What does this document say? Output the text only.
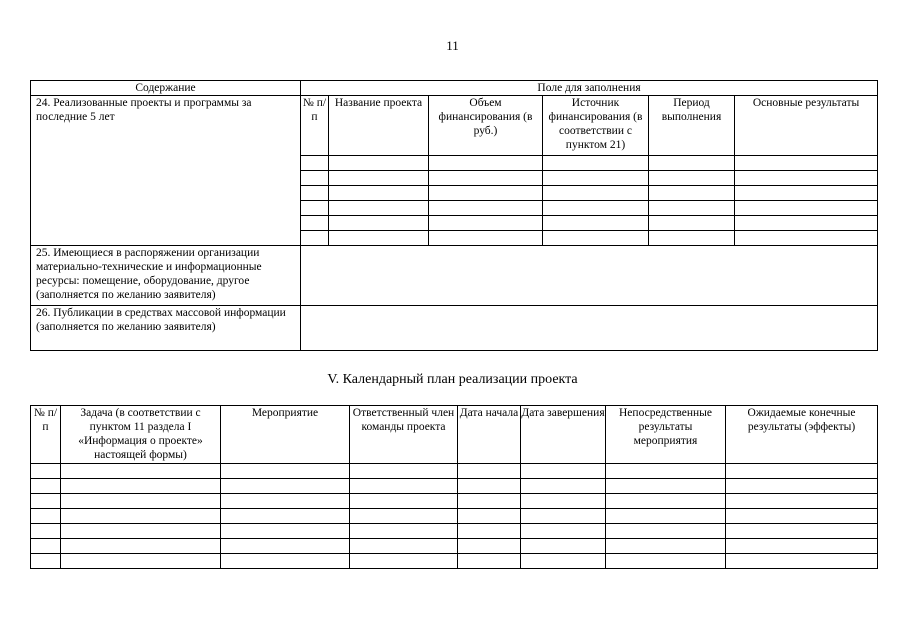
11
Содержание	Поле для заполнения					
24. Реализованные проекты и программы за последние 5 лет	№ п/п	Название проекта	Объем финансирования (в руб.)	Источник финансирования (в соответствии с пунктом 21)	Период выполнения	Основные результаты

25. Имеющиеся в распоряжении организации материально-технические и информационные ресурсы: помещение, оборудование, другое (заполняется по желанию заявителя)						
26. Публикации в средствах массовой информации (заполняется по желанию заявителя)						
V. Календарный план реализации проекта
№ п/п	Задача (в соответствии с пунктом 11 раздела I «Информация о проекте» настоящей формы)	Мероприятие	Ответственный член команды проекта	Дата начала	Дата завершения	Непосредственные результаты мероприятия	Ожидаемые конечные результаты (эффекты)
